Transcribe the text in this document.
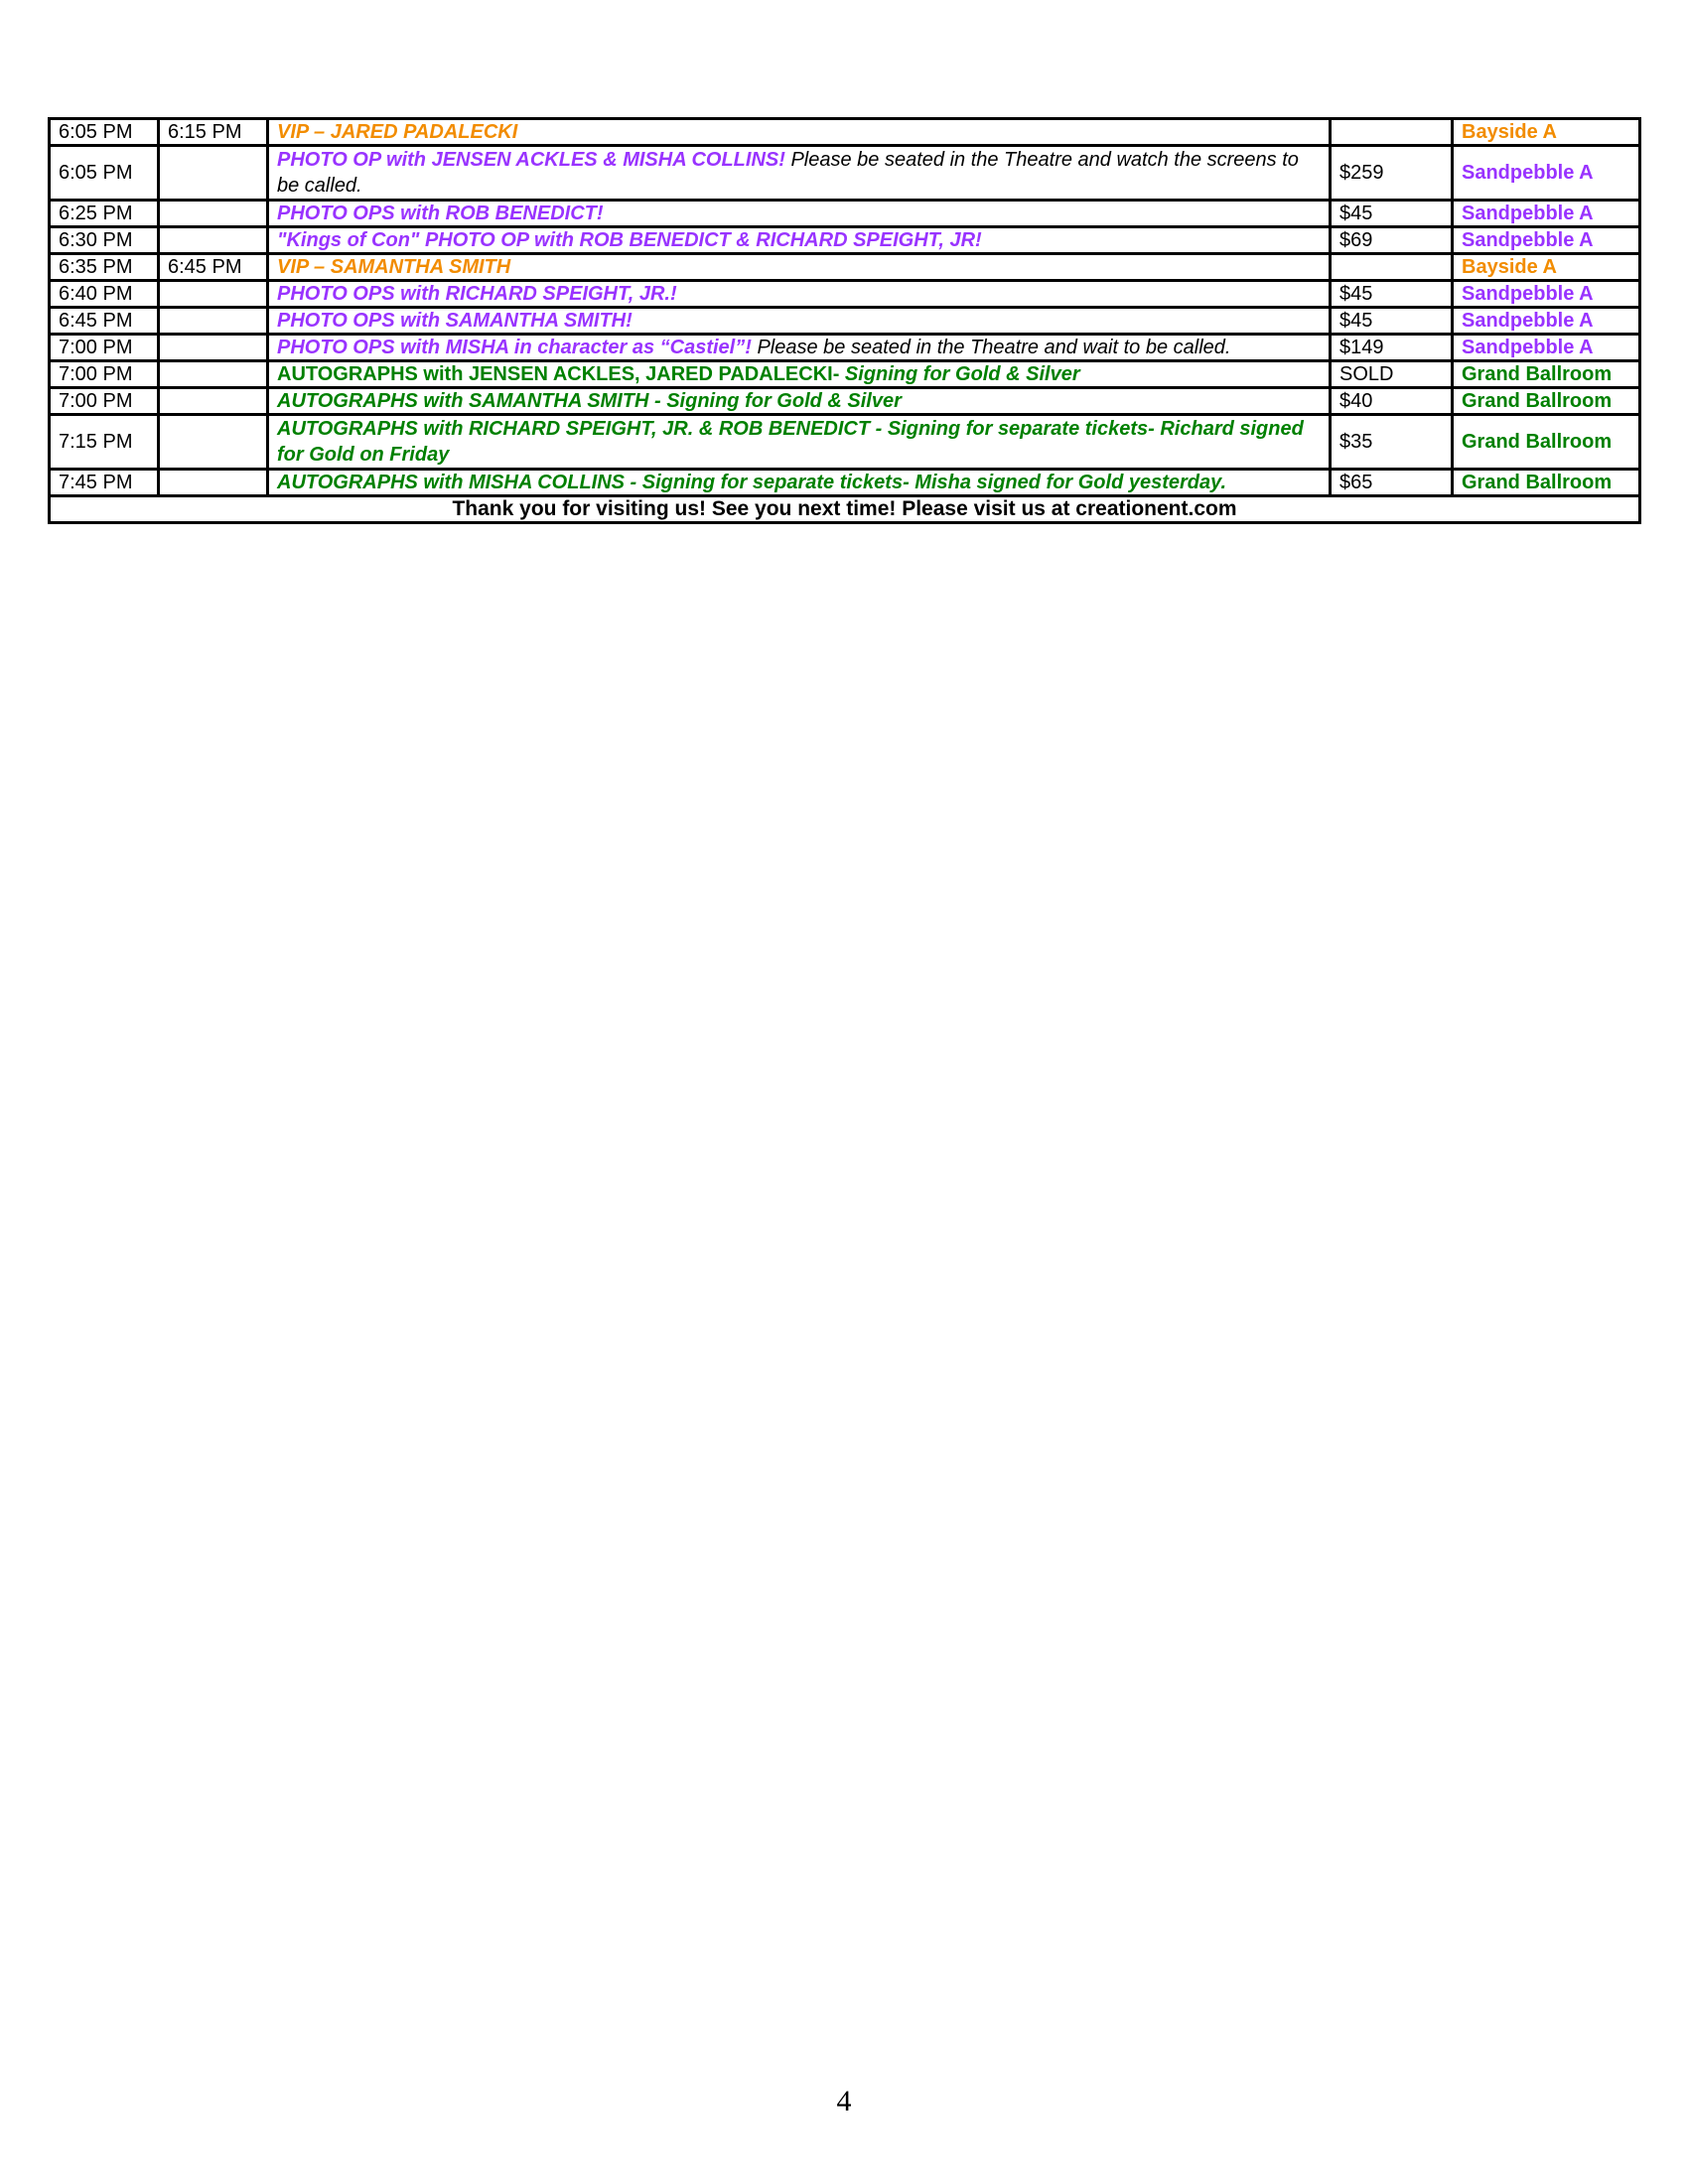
6:05 PM	6:15 PM	VIP – JARED PADALECKI		Bayside A
6:05 PM		PHOTO OP with JENSEN ACKLES & MISHA COLLINS! Please be seated in the Theatre and watch the screens to be called.	$259	Sandpebble A
6:25 PM		PHOTO OPS with ROB BENEDICT!	$45	Sandpebble A
6:30 PM		"Kings of Con" PHOTO OP with ROB BENEDICT & RICHARD SPEIGHT, JR!	$69	Sandpebble A
6:35 PM	6:45 PM	VIP – SAMANTHA SMITH		Bayside A
6:40 PM		PHOTO OPS with RICHARD SPEIGHT, JR.!	$45	Sandpebble A
6:45 PM		PHOTO OPS with SAMANTHA SMITH!	$45	Sandpebble A
7:00 PM		PHOTO OPS with MISHA in character as “Castiel”! Please be seated in the Theatre and wait to be called.	$149	Sandpebble A
7:00 PM		AUTOGRAPHS with JENSEN ACKLES, JARED PADALECKI- Signing for Gold & Silver	SOLD	Grand Ballroom
7:00 PM		AUTOGRAPHS with SAMANTHA SMITH - Signing for Gold & Silver	$40	Grand Ballroom
7:15 PM		AUTOGRAPHS with RICHARD SPEIGHT, JR. & ROB BENEDICT - Signing for separate tickets- Richard signed for Gold on Friday	$35	Grand Ballroom
7:45 PM		AUTOGRAPHS with MISHA COLLINS - Signing for separate tickets- Misha signed for Gold yesterday.	$65	Grand Ballroom
Thank you for visiting us! See you next time! Please visit us at creationent.com				
4
